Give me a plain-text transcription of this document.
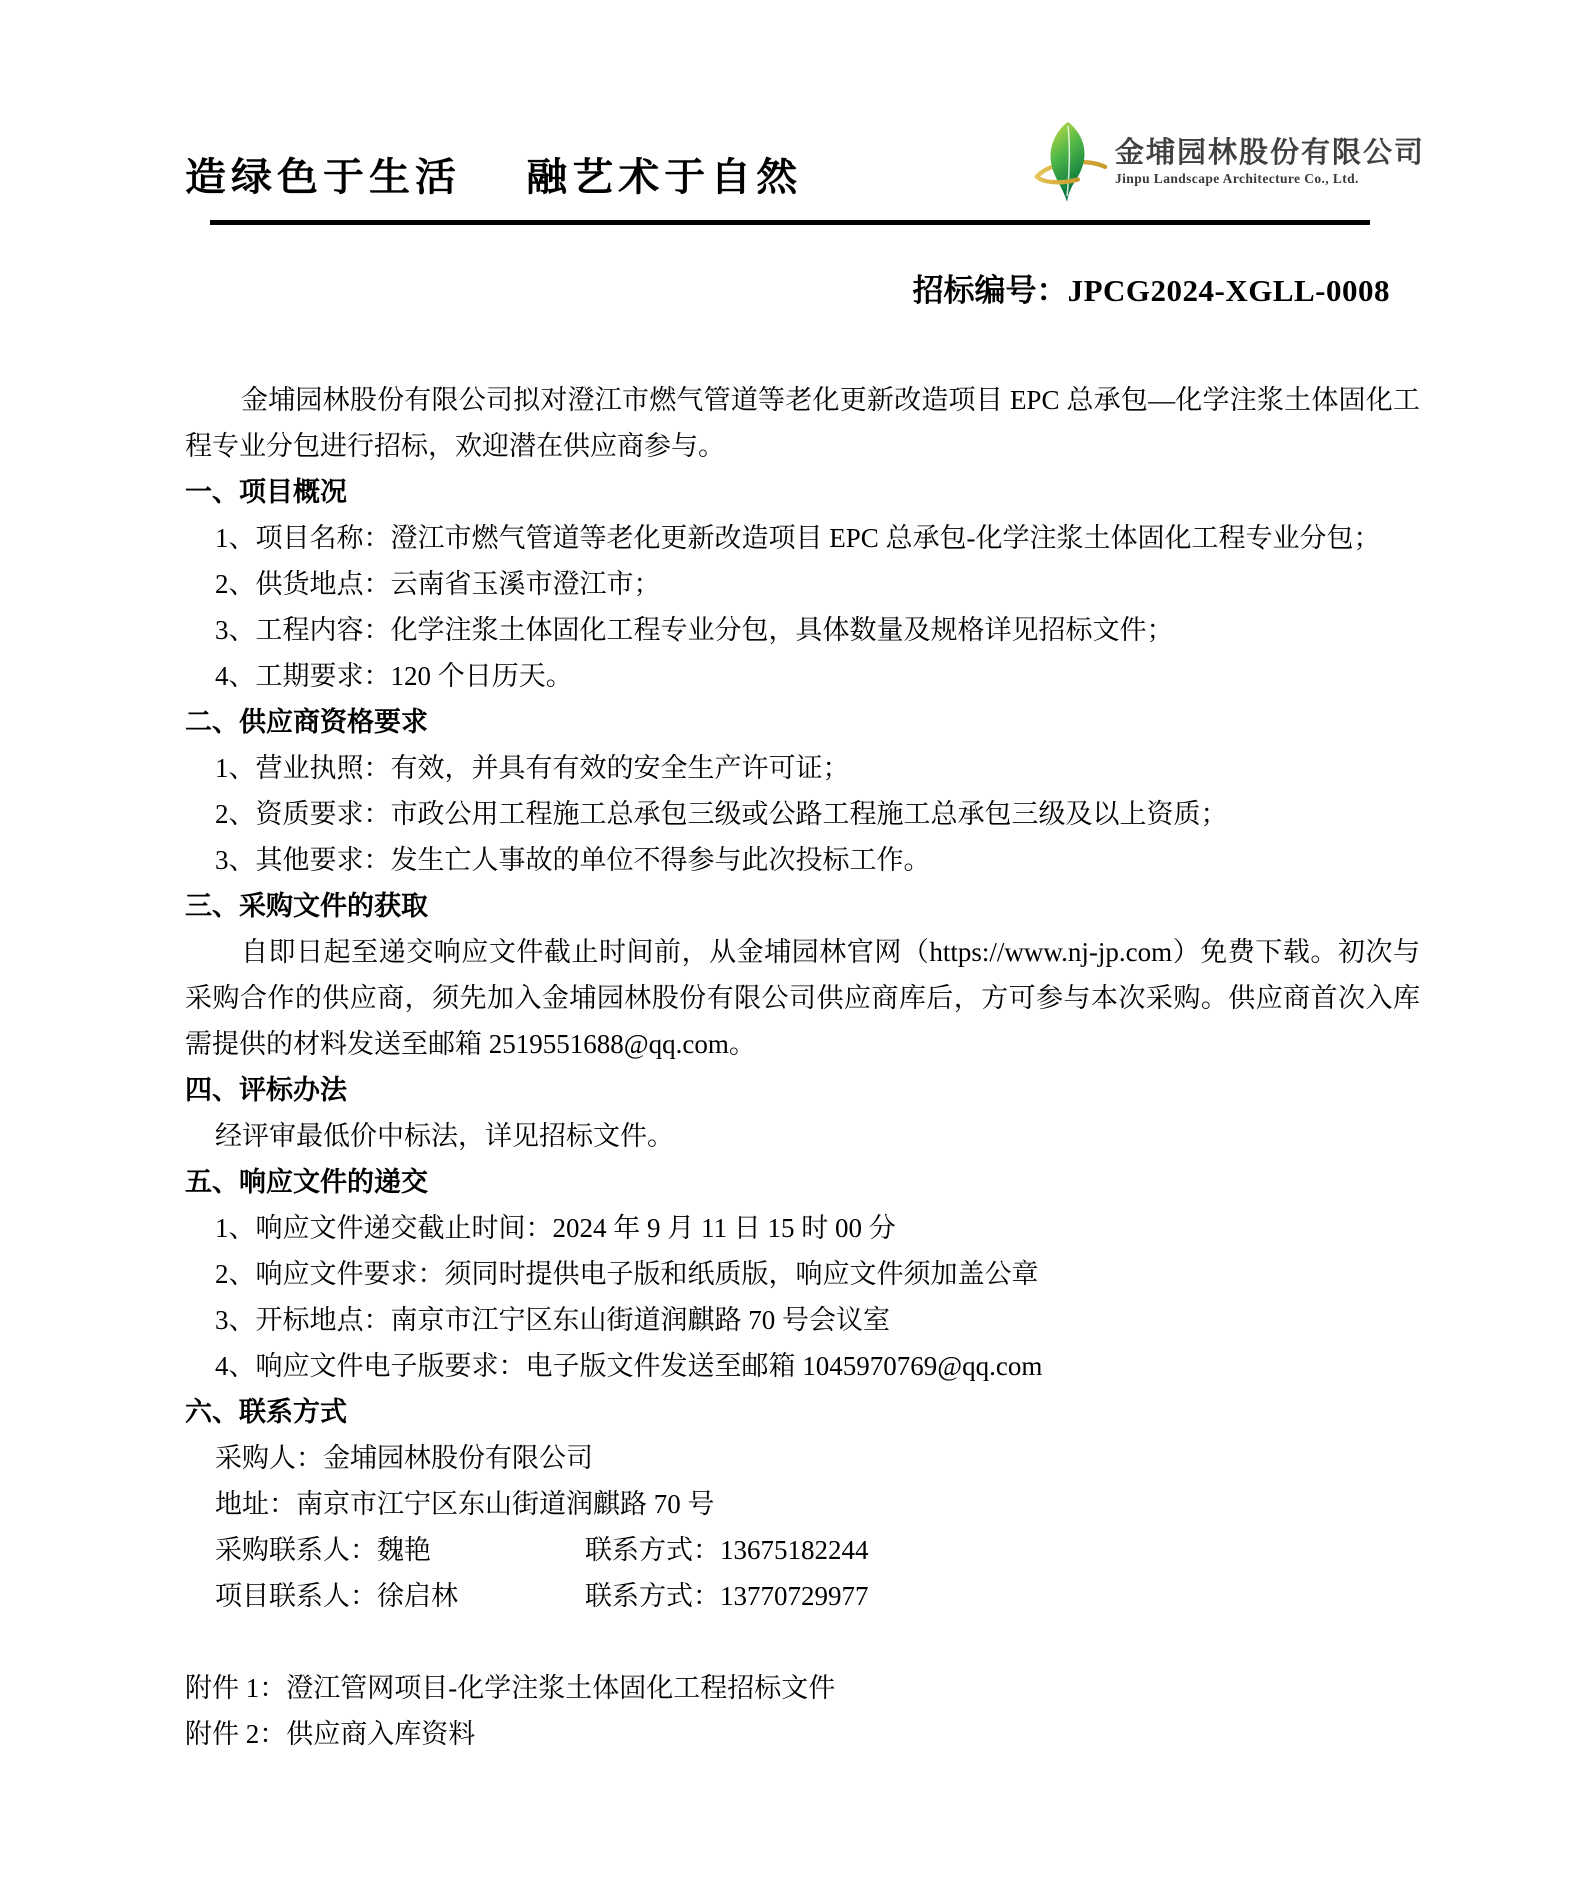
造绿色于生活　 融艺术于自然
金埔园林股份有限公司
Jinpu Landscape Architecture Co., Ltd.
招标编号：JPCG2024-XGLL-0008

金埔园林股份有限公司拟对澄江市燃气管道等老化更新改造项目 EPC 总承包—化学注浆土体固化工程专业分包进行招标，欢迎潜在供应商参与。

一、项目概况

1、项目名称：澄江市燃气管道等老化更新改造项目 EPC 总承包-化学注浆土体固化工程专业分包；

2、供货地点：云南省玉溪市澄江市；

3、工程内容：化学注浆土体固化工程专业分包，具体数量及规格详见招标文件；

4、工期要求：120 个日历天。

二、供应商资格要求

1、营业执照：有效，并具有有效的安全生产许可证；

2、资质要求：市政公用工程施工总承包三级或公路工程施工总承包三级及以上资质；

3、其他要求：发生亡人事故的单位不得参与此次投标工作。

三、采购文件的获取

自即日起至递交响应文件截止时间前，从金埔园林官网（https://www.nj-jp.com）免费下载。初次与采购合作的供应商，须先加入金埔园林股份有限公司供应商库后，方可参与本次采购。供应商首次入库需提供的材料发送至邮箱 2519551688@qq.com。

四、评标办法

经评审最低价中标法，详见招标文件。

五、响应文件的递交

1、响应文件递交截止时间：2024 年 9 月 11 日 15 时 00 分

2、响应文件要求：须同时提供电子版和纸质版，响应文件须加盖公章

3、开标地点：南京市江宁区东山街道润麒路 70 号会议室

4、响应文件电子版要求：电子版文件发送至邮箱 1045970769@qq.com

六、联系方式

采购人：金埔园林股份有限公司

地址：南京市江宁区东山街道润麒路 70 号

采购联系人：魏艳	联系方式：13675182244

项目联系人：徐启林	联系方式：13770729977

附件 1：澄江管网项目-化学注浆土体固化工程招标文件

附件 2：供应商入库资料
